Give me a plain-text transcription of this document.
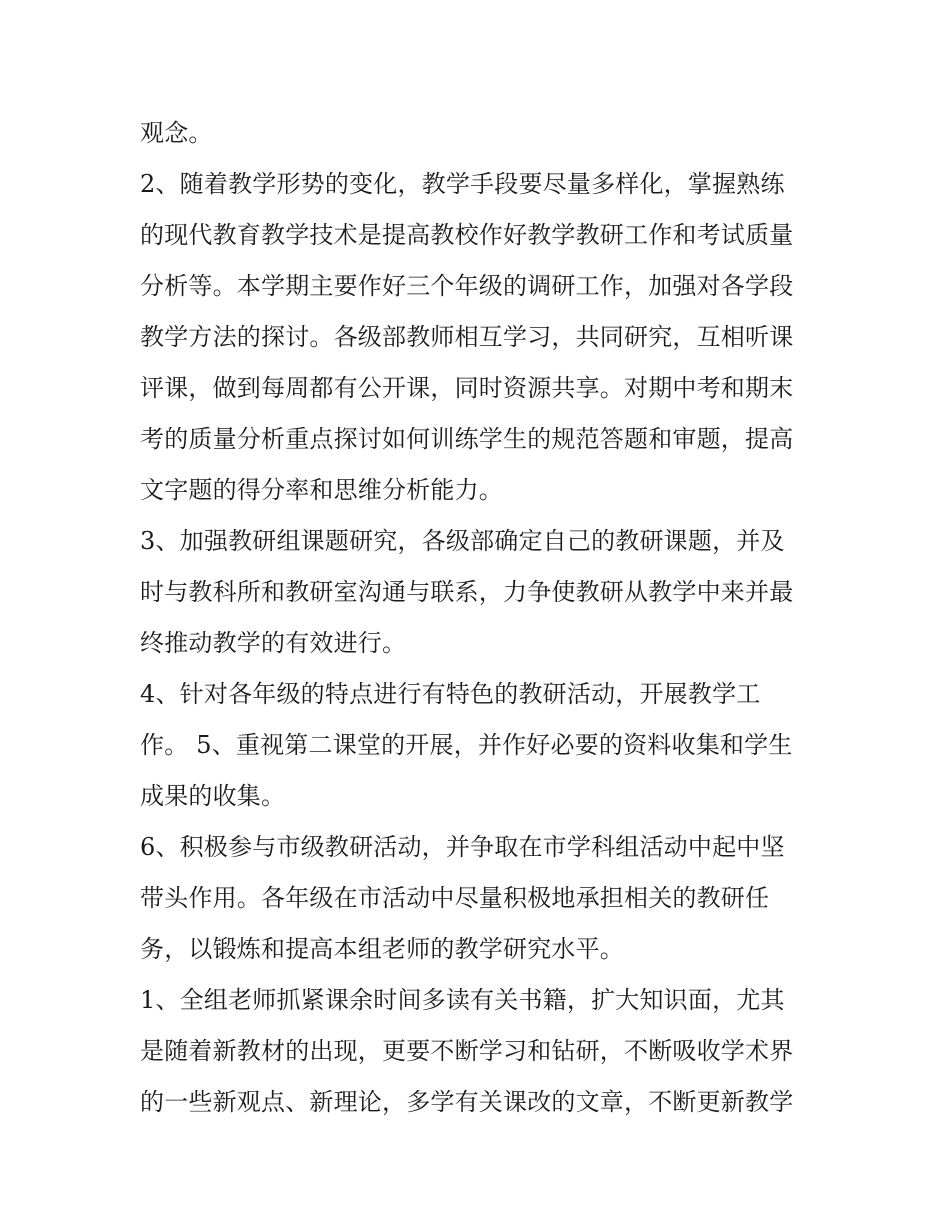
观念。
2、随着教学形势的变化，教学手段要尽量多样化，掌握熟练
的现代教育教学技术是提高教校作好教学教研工作和考试质量
分析等。本学期主要作好三个年级的调研工作，加强对各学段
教学方法的探讨。各级部教师相互学习，共同研究，互相听课
评课，做到每周都有公开课，同时资源共享。对期中考和期末
考的质量分析重点探讨如何训练学生的规范答题和审题，提高
文字题的得分率和思维分析能力。
3、加强教研组课题研究，各级部确定自己的教研课题，并及
时与教科所和教研室沟通与联系，力争使教研从教学中来并最
终推动教学的有效进行。
4、针对各年级的特点进行有特色的教研活动，开展教学工
作。 5、重视第二课堂的开展，并作好必要的资料收集和学生
成果的收集。
6、积极参与市级教研活动，并争取在市学科组活动中起中坚
带头作用。各年级在市活动中尽量积极地承担相关的教研任
务，以锻炼和提高本组老师的教学研究水平。
1、全组老师抓紧课余时间多读有关书籍，扩大知识面，尤其
是随着新教材的出现，更要不断学习和钻研，不断吸收学术界
的一些新观点、新理论，多学有关课改的文章，不断更新教学
